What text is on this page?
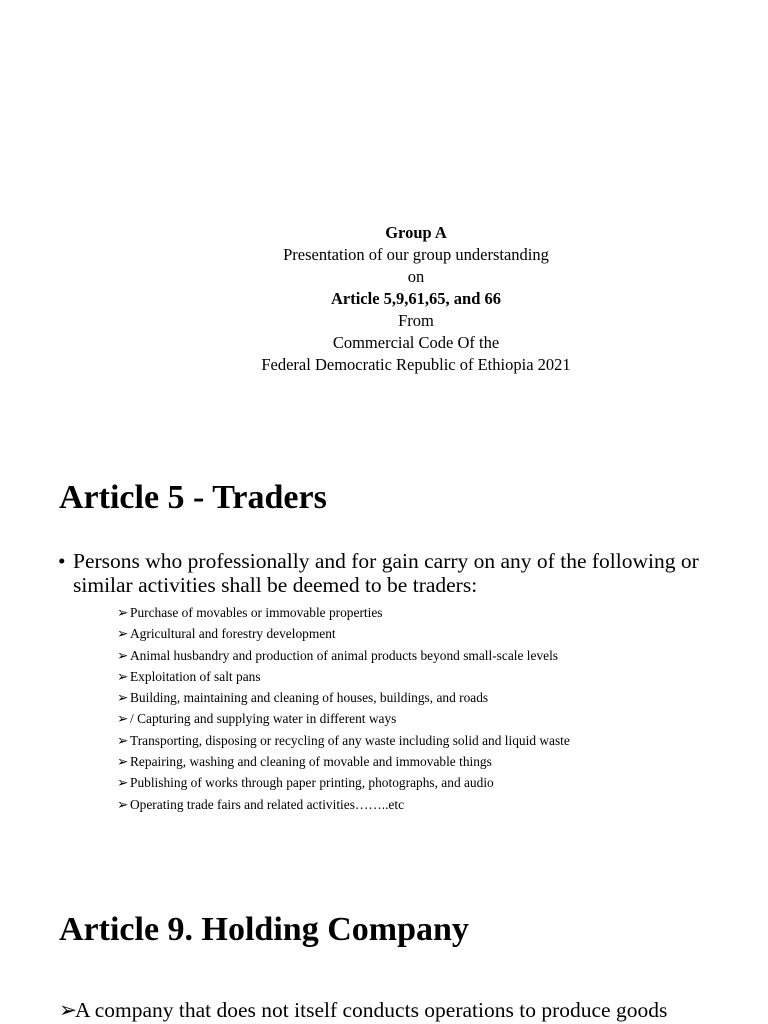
Group A
Presentation of our group understanding
on
Article 5,9,61,65, and 66
From
Commercial Code Of the
Federal Democratic Republic of Ethiopia 2021
Article 5 - Traders
• Persons who professionally and for gain carry on any of the following or similar activities shall be deemed to be traders:
➢ Purchase of movables or immovable properties
➢ Agricultural and forestry development
➢ Animal husbandry and production of animal products beyond small-scale levels
➢ Exploitation of salt pans
➢ Building, maintaining and cleaning of houses, buildings, and roads
➢ / Capturing and supplying water in different ways
➢ Transporting, disposing or recycling of any waste including solid and liquid waste
➢ Repairing, washing and cleaning of movable and immovable things
➢ Publishing of works through paper printing, photographs, and audio
➢ Operating trade fairs and related activities……..etc
Article 9. Holding Company
➢A company that does not itself conducts operations to produce goods
